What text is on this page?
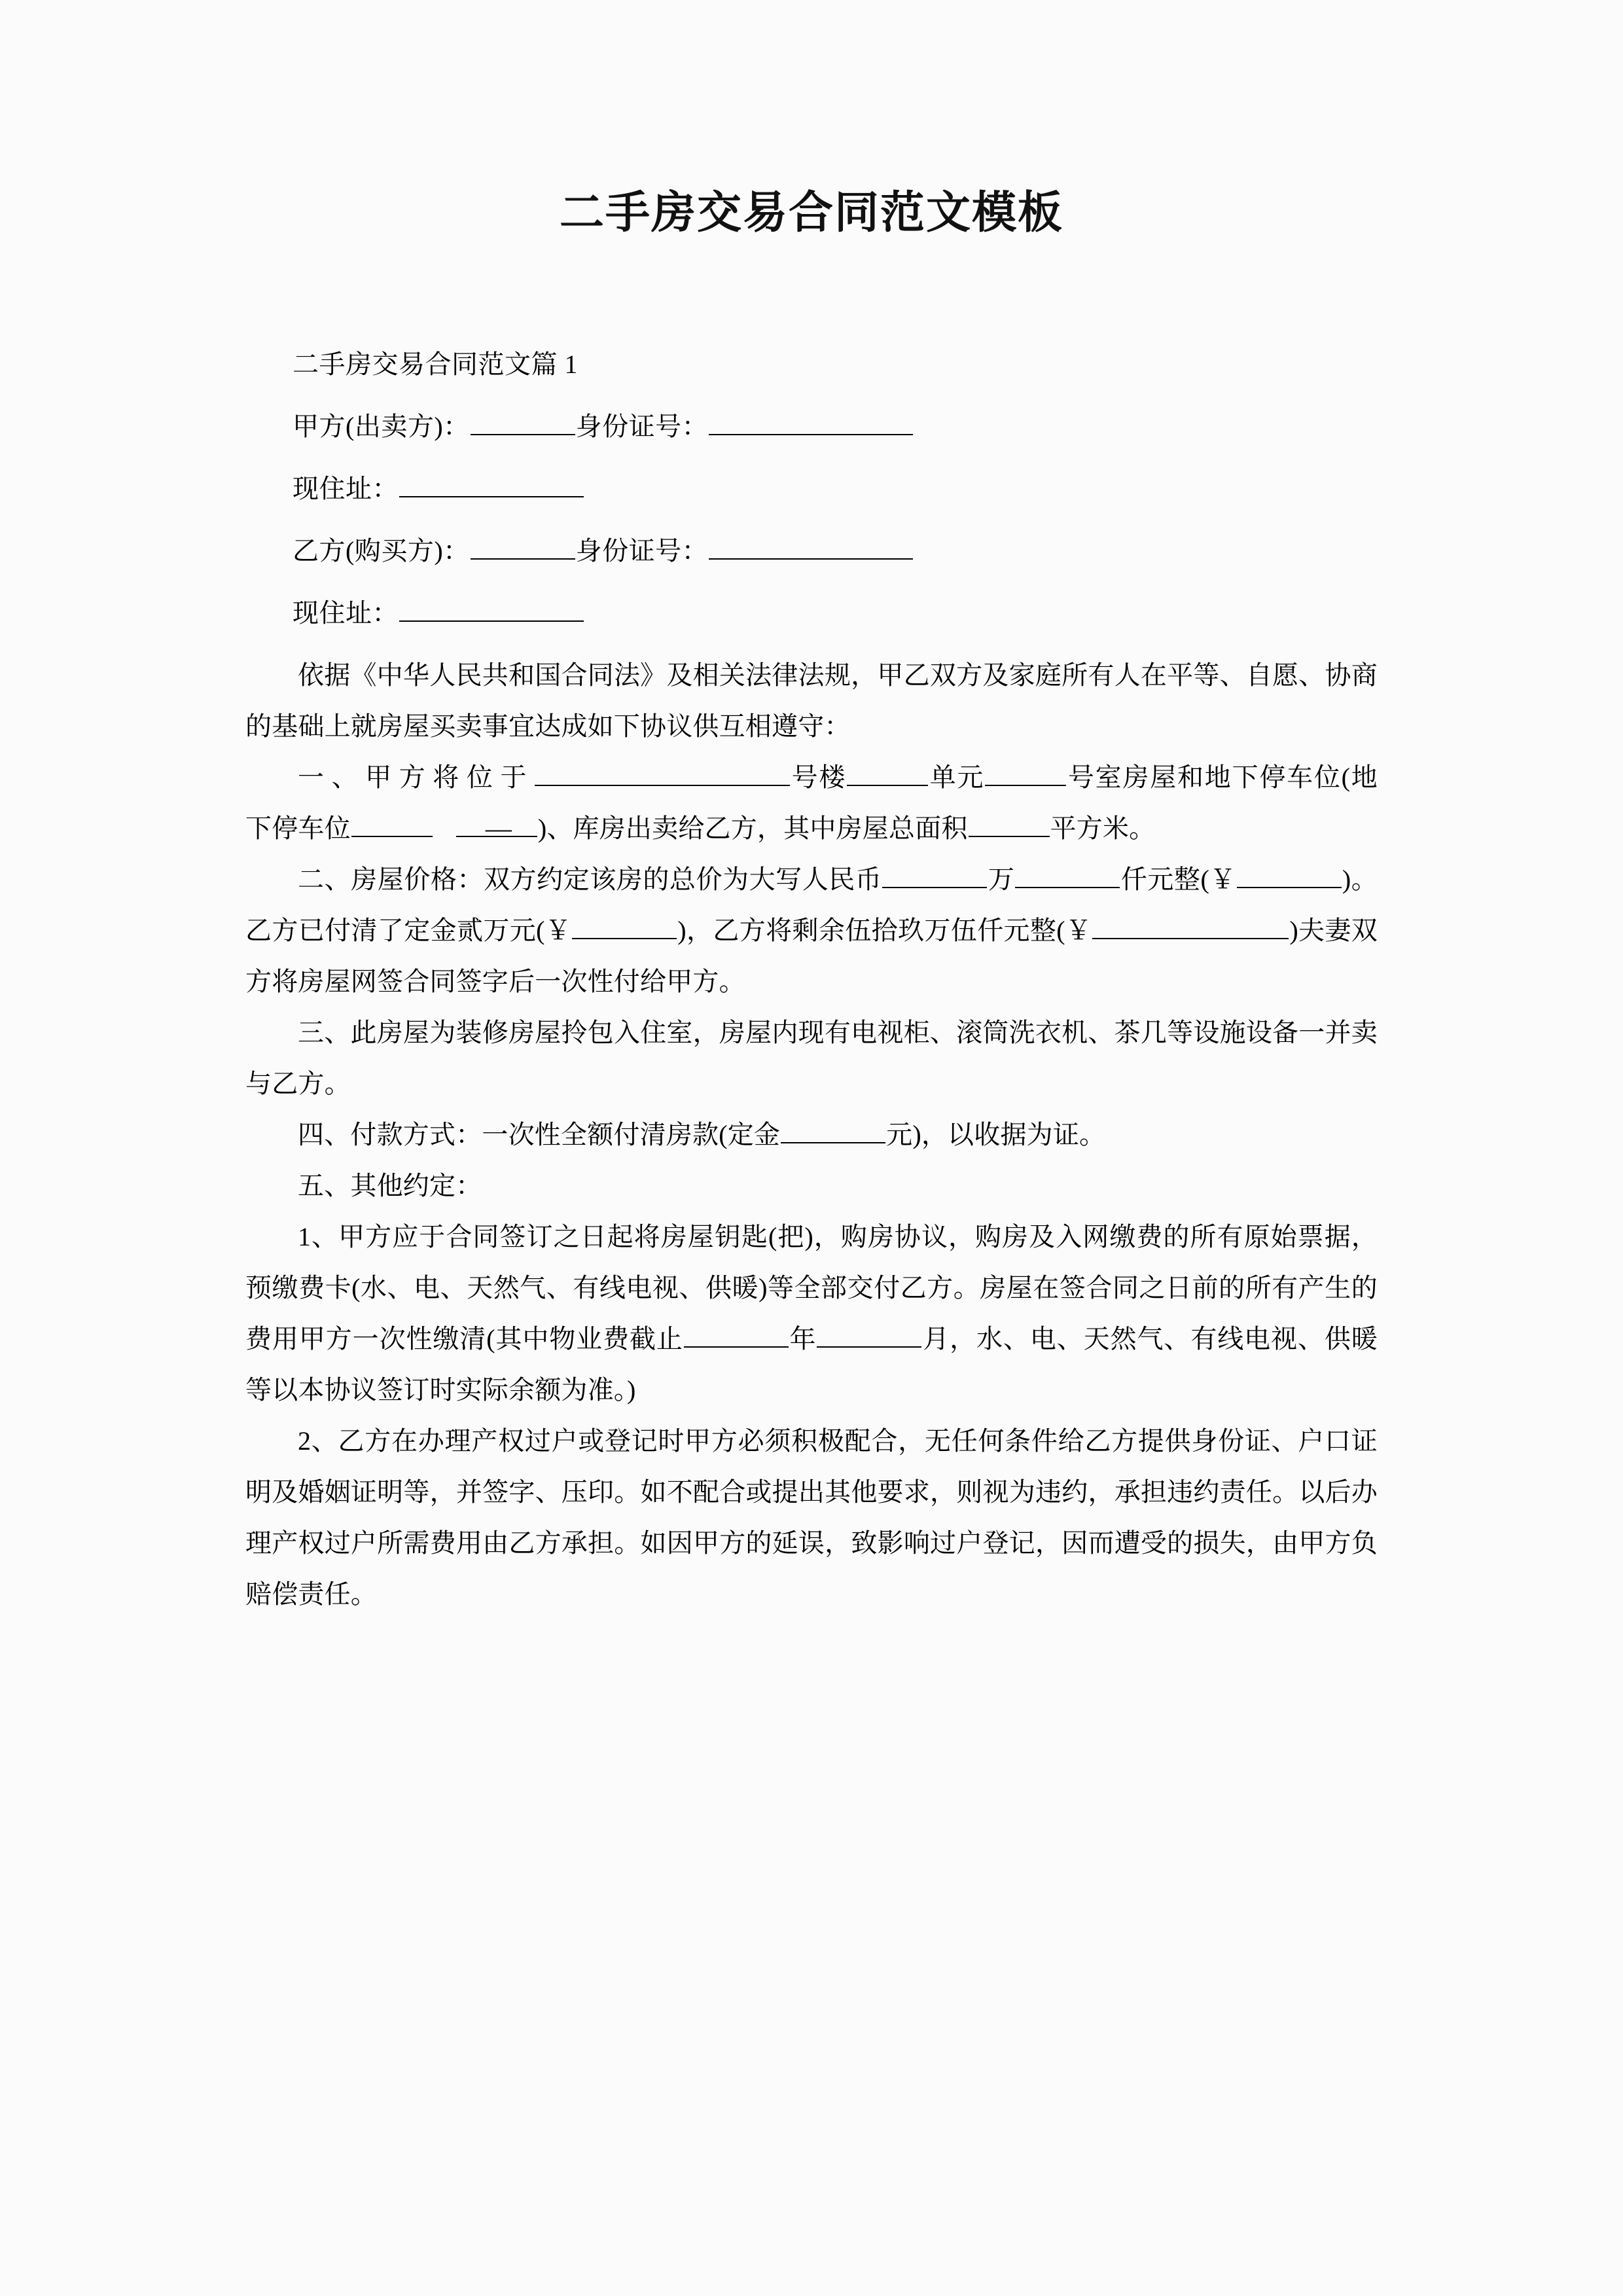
二手房交易合同范文模板

二手房交易合同范文篇 1

甲方(出卖方)：	身份证号：

现住址：

乙方(购买方)：	身份证号：

现住址：

依据《中华人民共和国合同法》及相关法律法规，甲乙双方及家庭所有人在平等、自愿、协商的基础上就房屋买卖事宜达成如下协议供互相遵守：

一、甲方将位于	号楼	单元	号室房屋和地下停车位(地下停车位	— )、库房出卖给乙方，其中房屋总面积	平方米。

二、房屋价格：双方约定该房的总价为大写人民币	万	仟元整(￥	)。乙方已付清了定金贰万元(￥	)，乙方将剩余伍拾玖万伍仟元整(￥	)夫妻双方将房屋网签合同签字后一次性付给甲方。

三、此房屋为装修房屋拎包入住室，房屋内现有电视柜、滚筒洗衣机、茶几等设施设备一并卖与乙方。

四、付款方式：一次性全额付清房款(定金	元)，以收据为证。

五、其他约定：

1、甲方应于合同签订之日起将房屋钥匙(把)，购房协议，购房及入网缴费的所有原始票据，预缴费卡(水、电、天然气、有线电视、供暖)等全部交付乙方。房屋在签合同之日前的所有产生的费用甲方一次性缴清(其中物业费截止	年	月，水、电、天然气、有线电视、供暖等以本协议签订时实际余额为准。)

2、乙方在办理产权过户或登记时甲方必须积极配合，无任何条件给乙方提供身份证、户口证明及婚姻证明等，并签字、压印。如不配合或提出其他要求，则视为违约，承担违约责任。以后办理产权过户所需费用由乙方承担。如因甲方的延误，致影响过户登记，因而遭受的损失，由甲方负赔偿责任。
